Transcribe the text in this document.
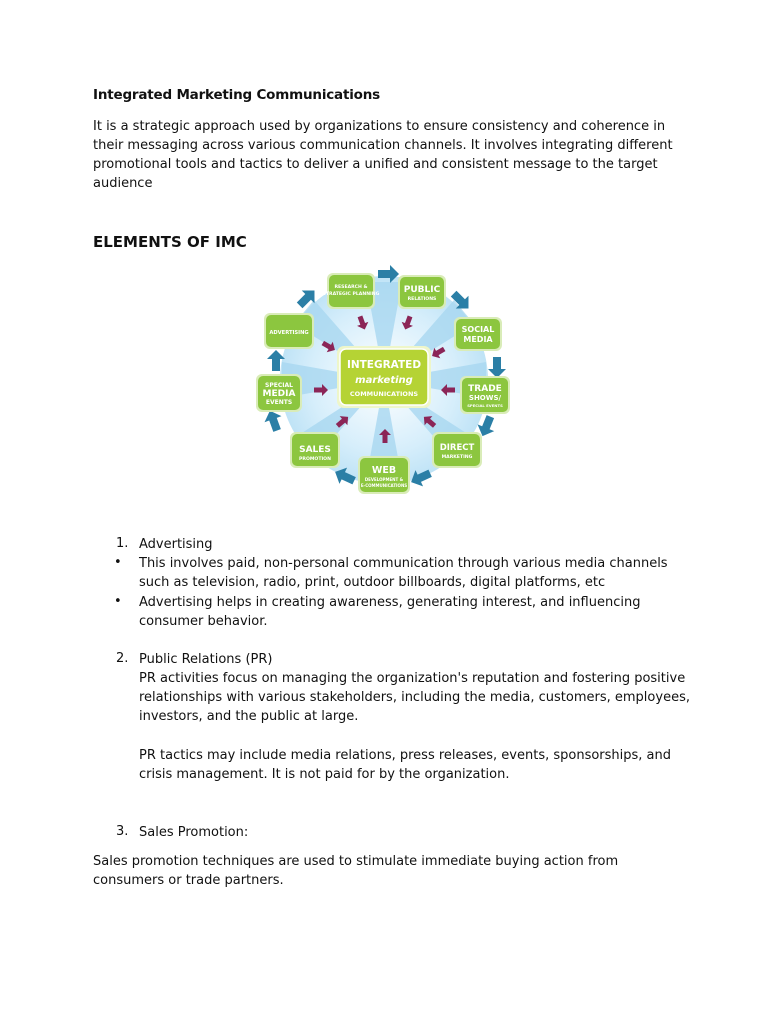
Integrated Marketing Communications
It is a strategic approach used by organizations to ensure consistency and coherence in their messaging across various communication channels. It involves integrating different promotional tools and tactics to deliver a unified and consistent message to the target audience
ELEMENTS OF IMC
INTEGRATED
marketing
COMMUNICATIONS
RESEARCH &
STRATEGIC PLANNING	PUBLIC
RELATIONS
SOCIAL
MEDIA
TRADE
SHOWS/
SPECIAL EVENTS
DIRECT
MARKETING
WEB
DEVELOPMENT &
E-COMMUNICATIONS
SALES
PROMOTION
SPECIAL
MEDIA
EVENTS
ADVERTISING
1. Advertising
• This involves paid, non-personal communication through various media channels such as television, radio, print, outdoor billboards, digital platforms, etc
• Advertising helps in creating awareness, generating interest, and influencing consumer behavior.
2. Public Relations (PR)
PR activities focus on managing the organization's reputation and fostering positive relationships with various stakeholders, including the media, customers, employees, investors, and the public at large.
PR tactics may include media relations, press releases, events, sponsorships, and crisis management. It is not paid for by the organization.
3. Sales Promotion:
Sales promotion techniques are used to stimulate immediate buying action from consumers or trade partners.
